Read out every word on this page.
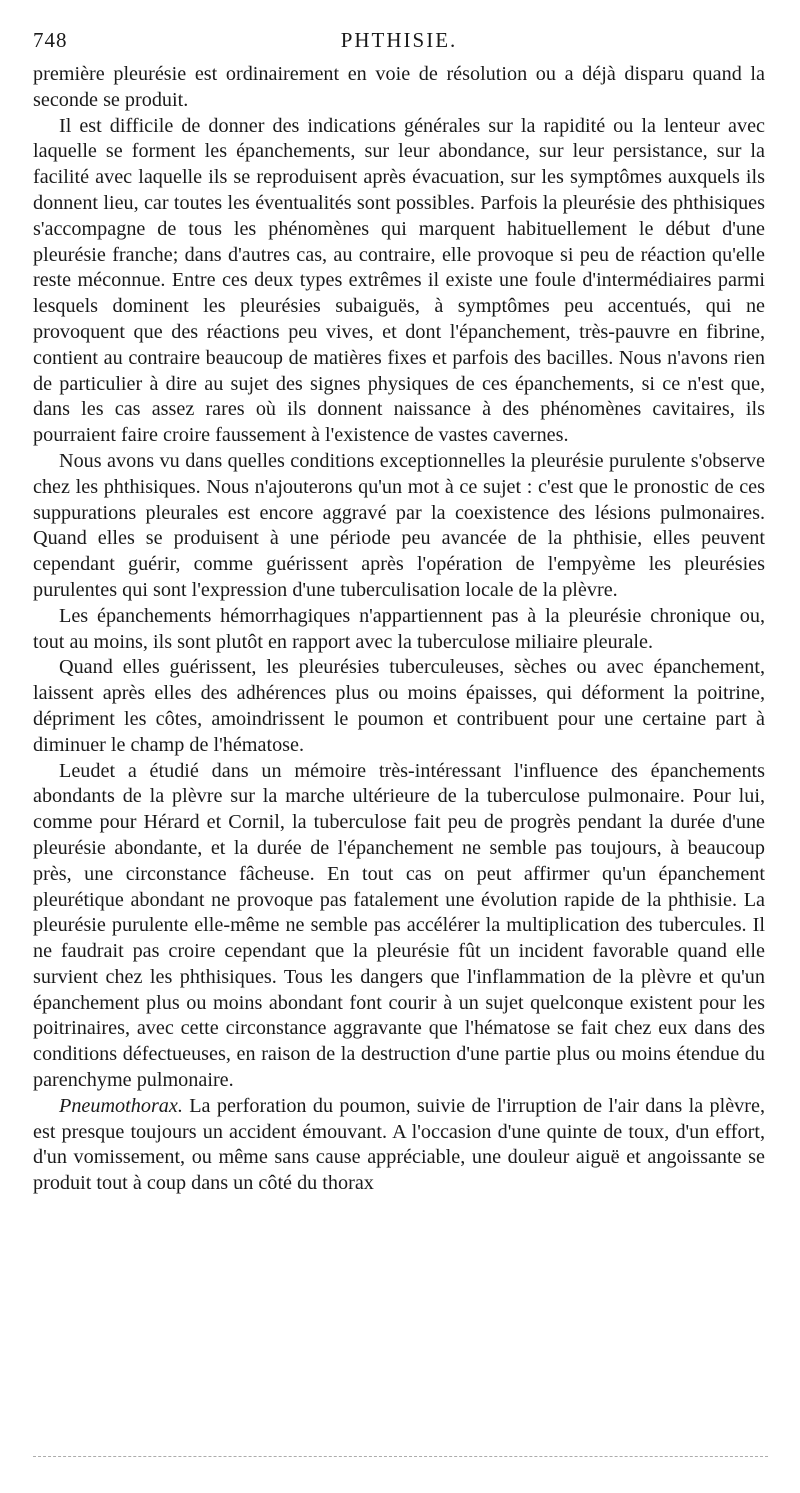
748	PHTHISIE.

première pleurésie est ordinairement en voie de résolution ou a déjà disparu quand la seconde se produit.

Il est difficile de donner des indications générales sur la rapidité ou la lenteur avec laquelle se forment les épanchements, sur leur abondance, sur leur persistance, sur la facilité avec laquelle ils se reproduisent après évacuation, sur les symptômes auxquels ils donnent lieu, car toutes les éventualités sont possibles. Parfois la pleurésie des phthisiques s'accompagne de tous les phénomènes qui marquent habituellement le début d'une pleurésie franche; dans d'autres cas, au contraire, elle provoque si peu de réaction qu'elle reste méconnue. Entre ces deux types extrêmes il existe une foule d'intermédiaires parmi lesquels dominent les pleurésies subaiguës, à symptômes peu accentués, qui ne provoquent que des réactions peu vives, et dont l'épanchement, très-pauvre en fibrine, contient au contraire beaucoup de matières fixes et parfois des bacilles. Nous n'avons rien de particulier à dire au sujet des signes physiques de ces épanchements, si ce n'est que, dans les cas assez rares où ils donnent naissance à des phénomènes cavitaires, ils pourraient faire croire faussement à l'existence de vastes cavernes.

Nous avons vu dans quelles conditions exceptionnelles la pleurésie purulente s'observe chez les phthisiques. Nous n'ajouterons qu'un mot à ce sujet : c'est que le pronostic de ces suppurations pleurales est encore aggravé par la coexistence des lésions pulmonaires. Quand elles se produisent à une période peu avancée de la phthisie, elles peuvent cependant guérir, comme guérissent après l'opération de l'empyème les pleurésies purulentes qui sont l'expression d'une tuberculisation locale de la plèvre.

Les épanchements hémorrhagiques n'appartiennent pas à la pleurésie chronique ou, tout au moins, ils sont plutôt en rapport avec la tuberculose miliaire pleurale.

Quand elles guérissent, les pleurésies tuberculeuses, sèches ou avec épanchement, laissent après elles des adhérences plus ou moins épaisses, qui déforment la poitrine, dépriment les côtes, amoindrissent le poumon et contribuent pour une certaine part à diminuer le champ de l'hématose.

Leudet a étudié dans un mémoire très-intéressant l'influence des épanchements abondants de la plèvre sur la marche ultérieure de la tuberculose pulmonaire. Pour lui, comme pour Hérard et Cornil, la tuberculose fait peu de progrès pendant la durée d'une pleurésie abondante, et la durée de l'épanchement ne semble pas toujours, à beaucoup près, une circonstance fâcheuse. En tout cas on peut affirmer qu'un épanchement pleurétique abondant ne provoque pas fatalement une évolution rapide de la phthisie. La pleurésie purulente elle-même ne semble pas accélérer la multiplication des tubercules. Il ne faudrait pas croire cependant que la pleurésie fût un incident favorable quand elle survient chez les phthisiques. Tous les dangers que l'inflammation de la plèvre et qu'un épanchement plus ou moins abondant font courir à un sujet quelconque existent pour les poitrinaires, avec cette circonstance aggravante que l'hématose se fait chez eux dans des conditions défectueuses, en raison de la destruction d'une partie plus ou moins étendue du parenchyme pulmonaire.

Pneumothorax. La perforation du poumon, suivie de l'irruption de l'air dans la plèvre, est presque toujours un accident émouvant. A l'occasion d'une quinte de toux, d'un effort, d'un vomissement, ou même sans cause appréciable, une douleur aiguë et angoissante se produit tout à coup dans un côté du thorax
